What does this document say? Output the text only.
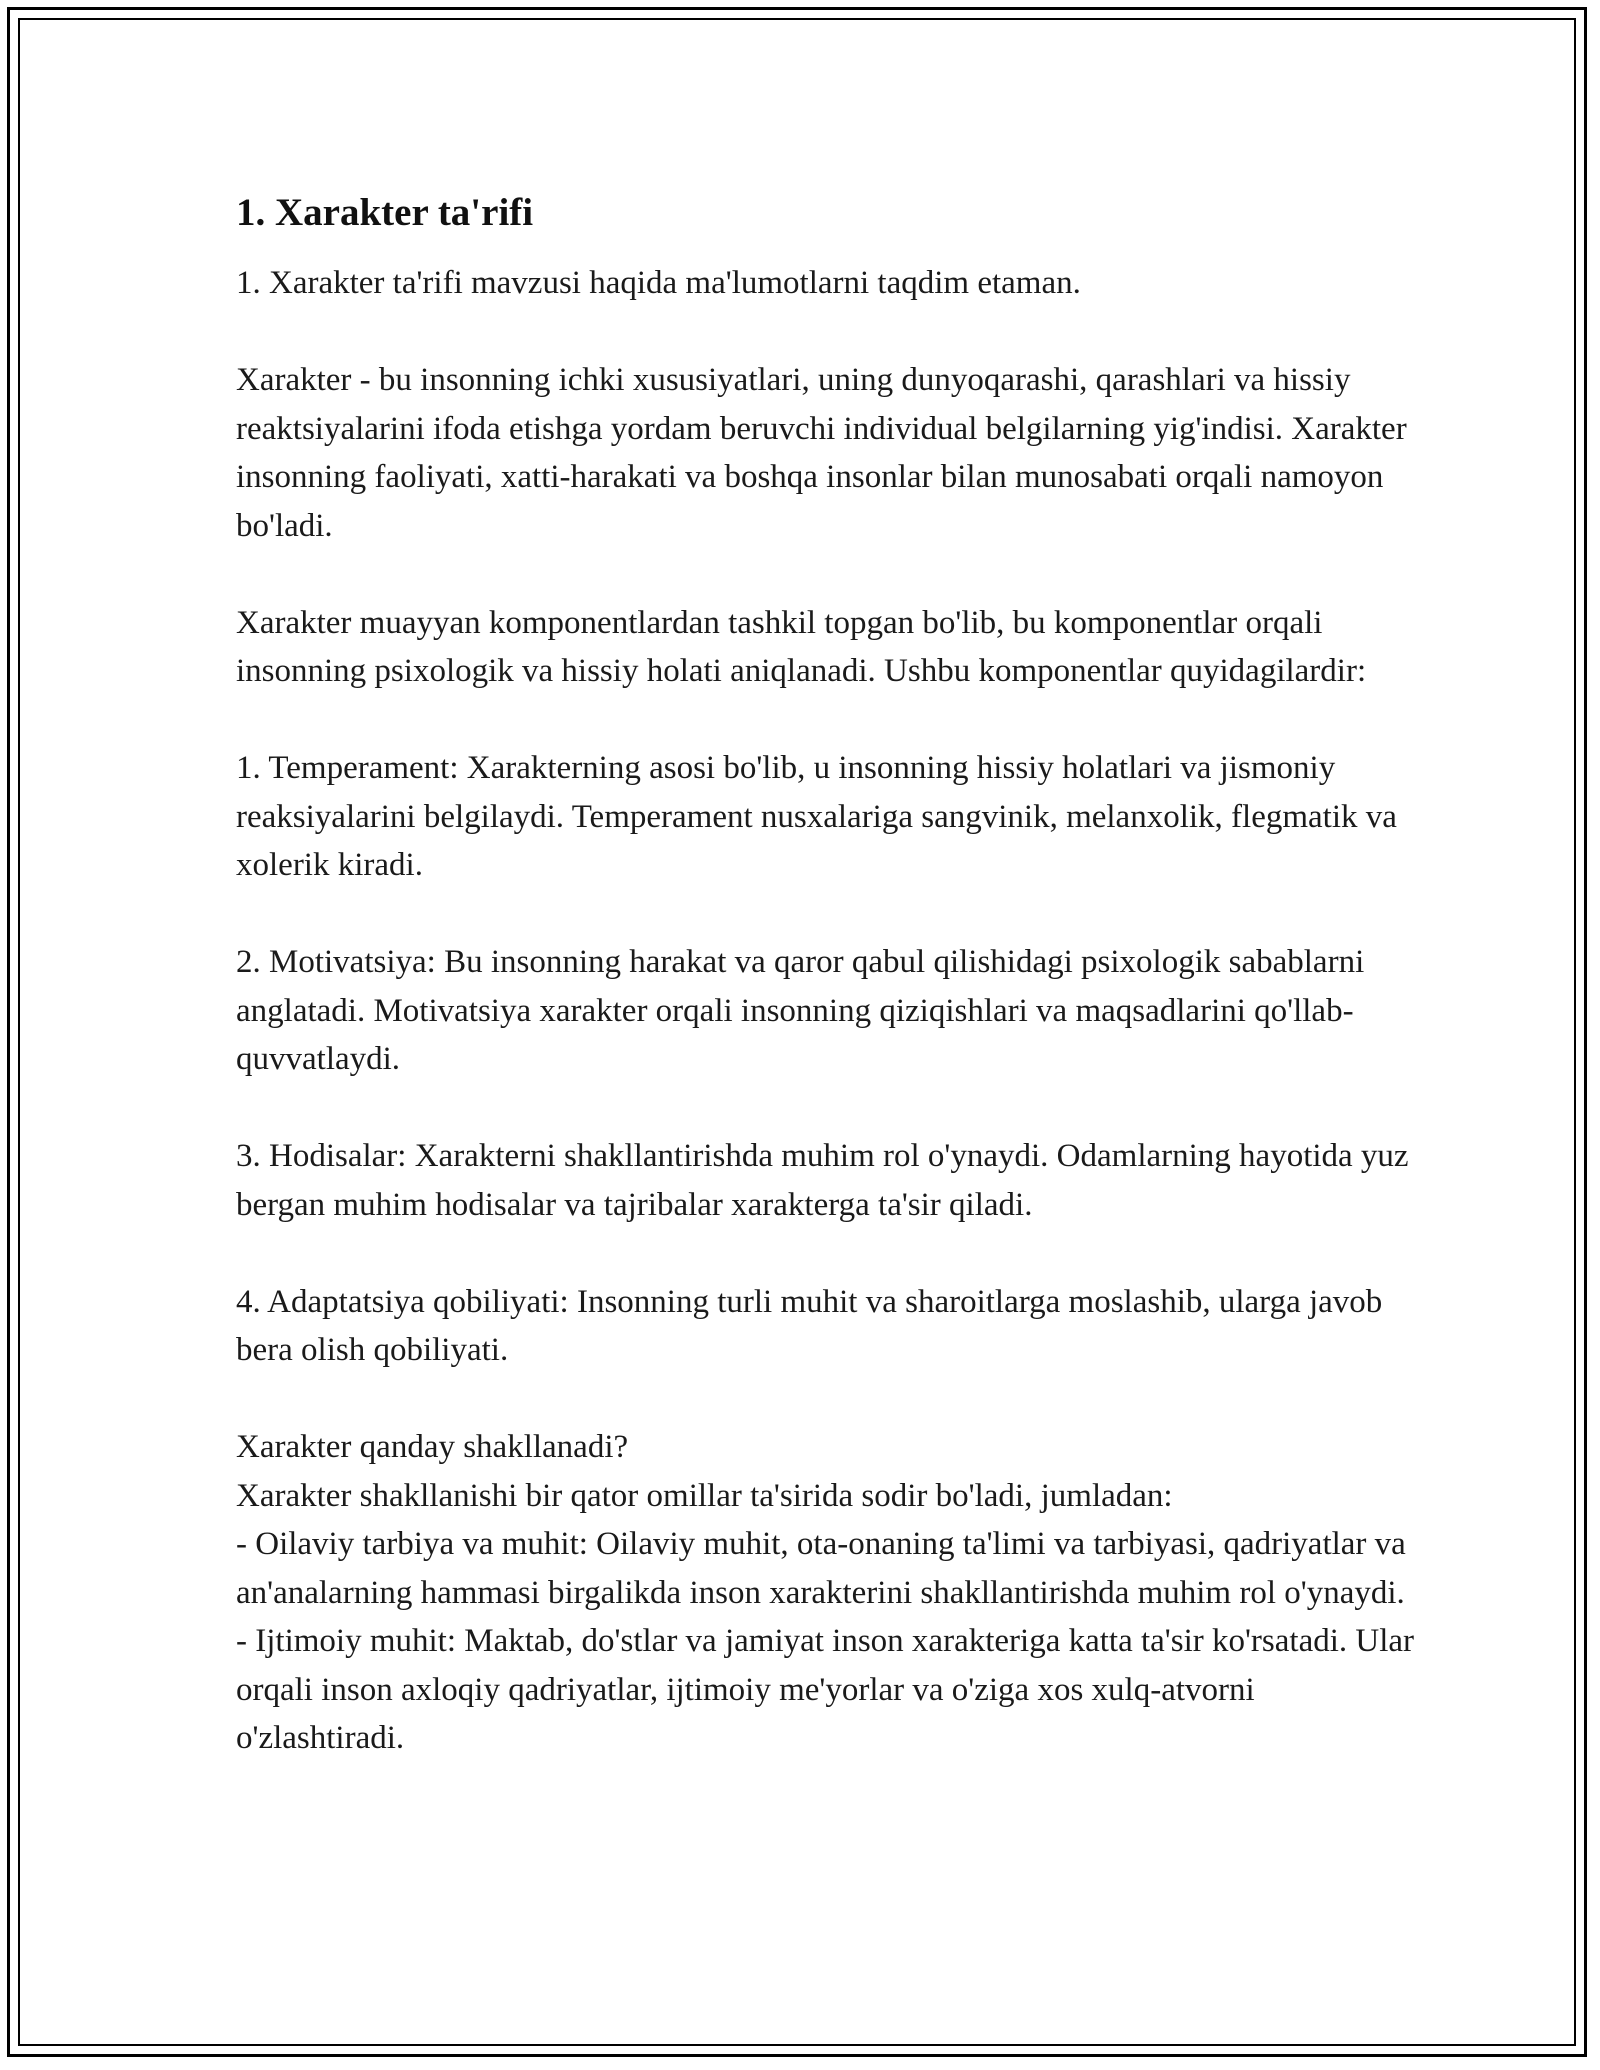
1. Xarakter ta'rifi

1. Xarakter ta'rifi mavzusi haqida ma'lumotlarni taqdim etaman.

Xarakter - bu insonning ichki xususiyatlari, uning dunyoqarashi, qarashlari va hissiy reaktsiyalarini ifoda etishga yordam beruvchi individual belgilarning yig'indisi. Xarakter insonning faoliyati, xatti-harakati va boshqa insonlar bilan munosabati orqali namoyon bo'ladi.

Xarakter muayyan komponentlardan tashkil topgan bo'lib, bu komponentlar orqali insonning psixologik va hissiy holati aniqlanadi. Ushbu komponentlar quyidagilardir:

1. Temperament: Xarakterning asosi bo'lib, u insonning hissiy holatlari va jismoniy reaksiyalarini belgilaydi. Temperament nusxalariga sangvinik, melanxolik, flegmatik va xolerik kiradi.

2. Motivatsiya: Bu insonning harakat va qaror qabul qilishidagi psixologik sabablarni anglatadi. Motivatsiya xarakter orqali insonning qiziqishlari va maqsadlarini qo'llab-quvvatlaydi.

3. Hodisalar: Xarakterni shakllantirishda muhim rol o'ynaydi. Odamlarning hayotida yuz bergan muhim hodisalar va tajribalar xarakterga ta'sir qiladi.

4. Adaptatsiya qobiliyati: Insonning turli muhit va sharoitlarga moslashib, ularga javob bera olish qobiliyati.

Xarakter qanday shakllanadi?
Xarakter shakllanishi bir qator omillar ta'sirida sodir bo'ladi, jumladan:
- Oilaviy tarbiya va muhit: Oilaviy muhit, ota-onaning ta'limi va tarbiyasi, qadriyatlar va an'analarning hammasi birgalikda inson xarakterini shakllantirishda muhim rol o'ynaydi.
- Ijtimoiy muhit: Maktab, do'stlar va jamiyat inson xarakteriga katta ta'sir ko'rsatadi. Ular orqali inson axloqiy qadriyatlar, ijtimoiy me'yorlar va o'ziga xos xulq-atvorni o'zlashtiradi.
